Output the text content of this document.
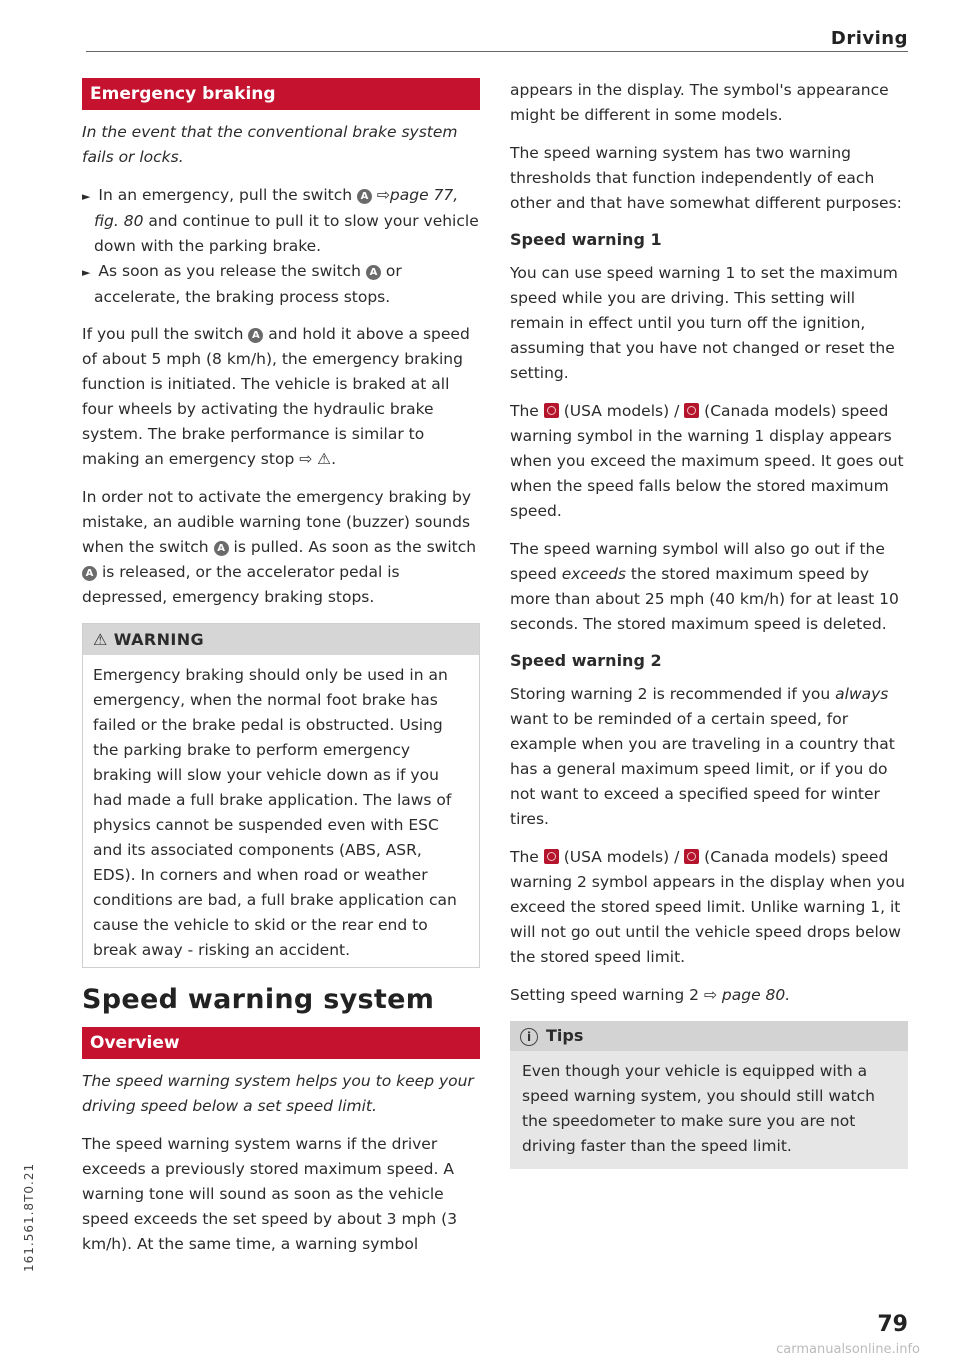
Driving
Emergency braking

In the event that the conventional brake system fails or locks.

► In an emergency, pull the switch A ⇨page 77, fig. 80 and continue to pull it to slow your vehicle down with the parking brake.
► As soon as you release the switch A or accelerate, the braking process stops.

If you pull the switch A and hold it above a speed of about 5 mph (8 km/h), the emergency braking function is initiated. The vehicle is braked at all four wheels by activating the hydraulic brake system. The brake performance is similar to making an emergency stop ⇨ ⚠.

In order not to activate the emergency braking by mistake, an audible warning tone (buzzer) sounds when the switch A is pulled. As soon as the switch A is released, or the accelerator pedal is depressed, emergency braking stops.

⚠ WARNING
Emergency braking should only be used in an emergency, when the normal foot brake has failed or the brake pedal is obstructed. Using the parking brake to perform emergency braking will slow your vehicle down as if you had made a full brake application. The laws of physics cannot be suspended even with ESC and its associated components (ABS, ASR, EDS). In corners and when road or weather conditions are bad, a full brake application can cause the vehicle to skid or the rear end to break away - risking an accident.
Speed warning system
Overview

The speed warning system helps you to keep your driving speed below a set speed limit.

The speed warning system warns if the driver exceeds a previously stored maximum speed. A warning tone will sound as soon as the vehicle speed exceeds the set speed by about 3 mph (3 km/h). At the same time, a warning symbol

appears in the display. The symbol's appearance might be different in some models.

The speed warning system has two warning thresholds that function independently of each other and that have somewhat different purposes:

Speed warning 1

You can use speed warning 1 to set the maximum speed while you are driving. This setting will remain in effect until you turn off the ignition, assuming that you have not changed or reset the setting.

The (USA models) / (Canada models) speed warning symbol in the warning 1 display appears when you exceed the maximum speed. It goes out when the speed falls below the stored maximum speed.

The speed warning symbol will also go out if the speed exceeds the stored maximum speed by more than about 25 mph (40 km/h) for at least 10 seconds. The stored maximum speed is deleted.

Speed warning 2

Storing warning 2 is recommended if you always want to be reminded of a certain speed, for example when you are traveling in a country that has a general maximum speed limit, or if you do not want to exceed a specified speed for winter tires.

The (USA models) / (Canada models) speed warning 2 symbol appears in the display when you exceed the stored speed limit. Unlike warning 1, it will not go out until the vehicle speed drops below the stored speed limit.

Setting speed warning 2 ⇨ page 80.

i Tips
Even though your vehicle is equipped with a speed warning system, you should still watch the speedometer to make sure you are not driving faster than the speed limit.
161.561.8T0.21
79
carmanualsonline.info
